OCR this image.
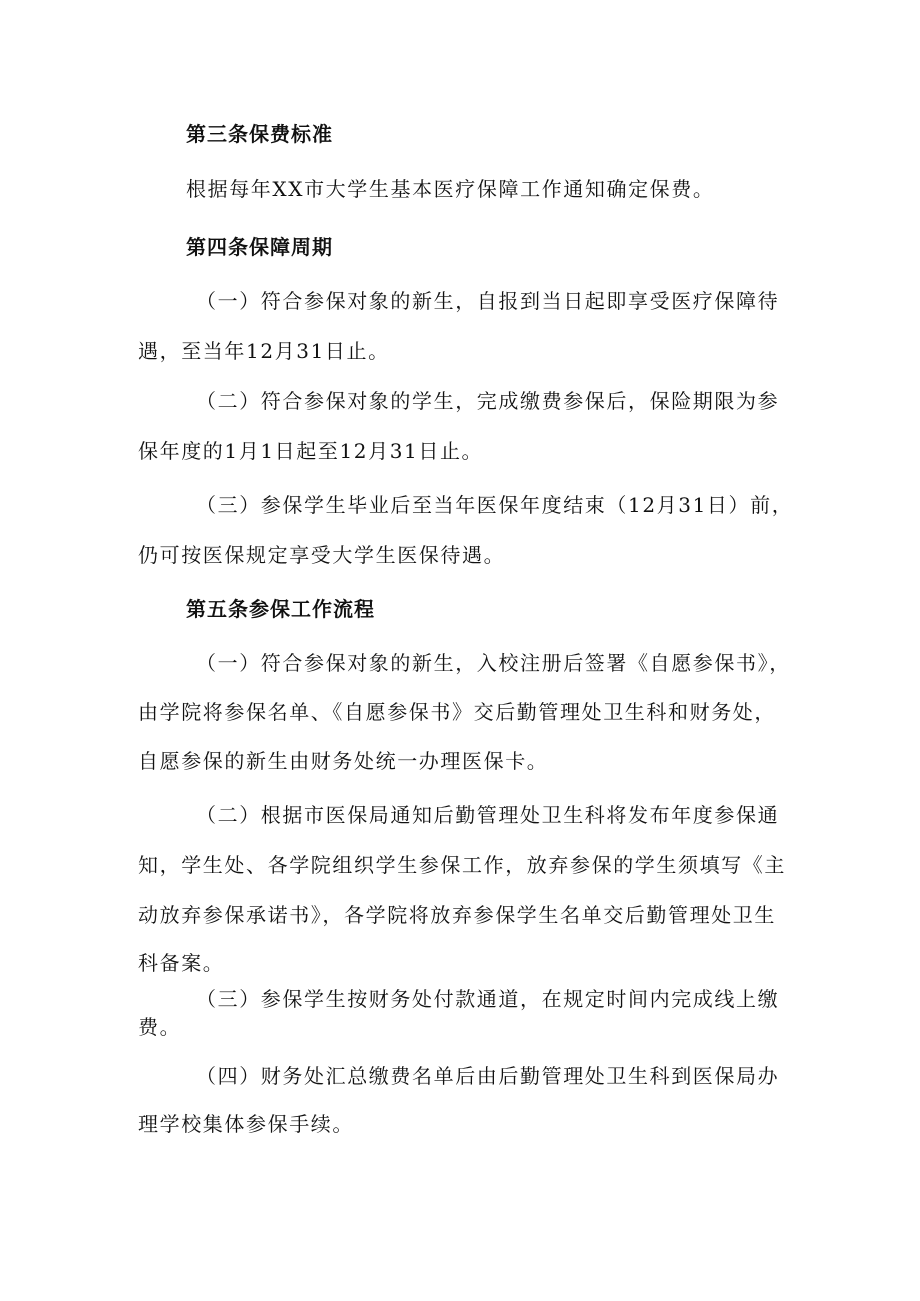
第三条保费标准
根据每年XX市大学生基本医疗保障工作通知确定保费。
第四条保障周期
（一）符合参保对象的新生，自报到当日起即享受医疗保障待
遇，至当年12月31日止。
（二）符合参保对象的学生，完成缴费参保后，保险期限为参
保年度的1月1日起至12月31日止。
（三）参保学生毕业后至当年医保年度结束（12月31日）前，
仍可按医保规定享受大学生医保待遇。
第五条参保工作流程
（一）符合参保对象的新生，入校注册后签署《自愿参保书》，
由学院将参保名单、《自愿参保书》交后勤管理处卫生科和财务处，
自愿参保的新生由财务处统一办理医保卡。
（二）根据市医保局通知后勤管理处卫生科将发布年度参保通
知，学生处、各学院组织学生参保工作，放弃参保的学生须填写《主
动放弃参保承诺书》，各学院将放弃参保学生名单交后勤管理处卫生
科备案。
（三）参保学生按财务处付款通道，在规定时间内完成线上缴
费。
（四）财务处汇总缴费名单后由后勤管理处卫生科到医保局办
理学校集体参保手续。
